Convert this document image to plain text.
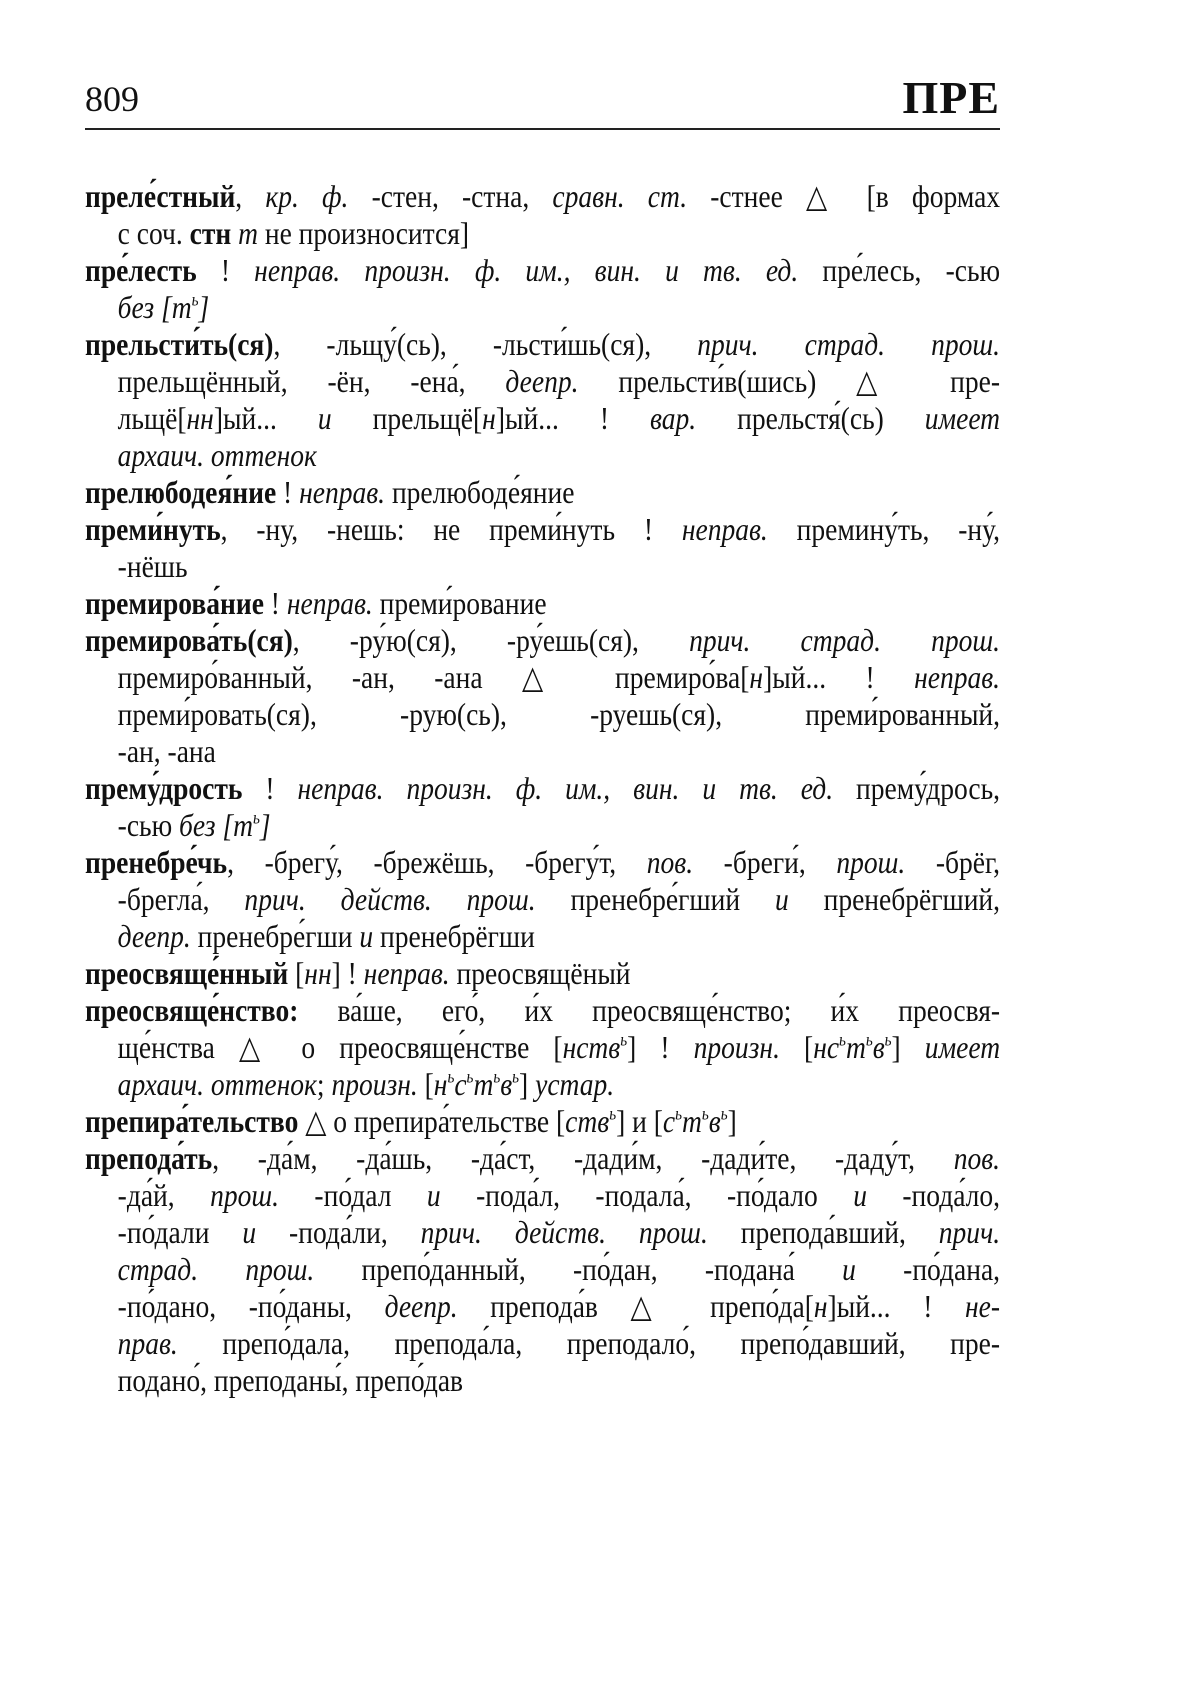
809	ПРЕ
преле́стный, кр. ф. -стен, -стна, сравн. ст. -стнее △ [в формах
с соч. стн т не произносится]
пре́лесть ! неправ. произн. ф. им., вин. и тв. ед. пре́лесь, -сью
без $[т^ь]$
прельсти́ть(ся), -льщу́(сь), -льсти́шь(ся), прич. страд. прош.
прельщённый, -ён, -ена́, деепр. прельсти́в(шись) △ пре-
льщё[нн]ый... и прельщё[н]ый... ! вар. прельстя́(сь) имеет
архаич. оттенок
прелюбодея́ние ! неправ. прелюбоде́яние
преми́нуть, -ну, -нешь: не преми́нуть ! неправ. премину́ть, -ну́,
-нёшь
премирова́ние ! неправ. преми́рование
премирова́ть(ся), -ру́ю(ся), -ру́ешь(ся), прич. страд. прош.
премиро́ванный, -ан, -ана △ премиро́ва[н]ый... ! неправ.
преми́ровать(ся), -рую(сь), -руешь(ся), преми́рованный,
-ан, -ана
прему́дрость ! неправ. произн. ф. им., вин. и тв. ед. прему́дрось,
-сью без $[т^ь]$
пренебре́чь, -брегу́, -брежёшь, -брегу́т, пов. -бреги́, прош. -брёг,
-брегла́, прич. действ. прош. пренебре́гший и пренебрёгший,
деепр. пренебре́гши и пренебрёгши
преосвяще́нный [нн] ! неправ. преосвящёный
преосвяще́нство: ва́ше, его́, и́х преосвяще́нство; и́х преосвя-
ще́нства △ о преосвяще́нстве [нств$^ь$] ! произн. $[нс^ьт^ьв^ь]$ имеет
архаич. оттенок; произн. $[н^ьс^ьт^ьв^ь]$ устар.
препира́тельство △ о препира́тельстве [ств$^ь$] и $[с^ьт^ьв^ь]$
препода́ть, -да́м, -да́шь, -да́ст, -дади́м, -дади́те, -даду́т, пов.
-да́й, прош. -по́дал и -пода́л, -подала́, -по́дало и -пода́ло,
-по́дали и -пода́ли, прич. действ. прош. препода́вший, прич.
страд. прош. препо́данный, -по́дан, -подана́ и -по́дана,
-по́дано, -по́даны, деепр. препода́в △ препо́да[н]ый... ! не-
прав. препо́дала, препода́ла, преподало́, препо́давший, пре-
подано́, преподаны́, препо́дав
